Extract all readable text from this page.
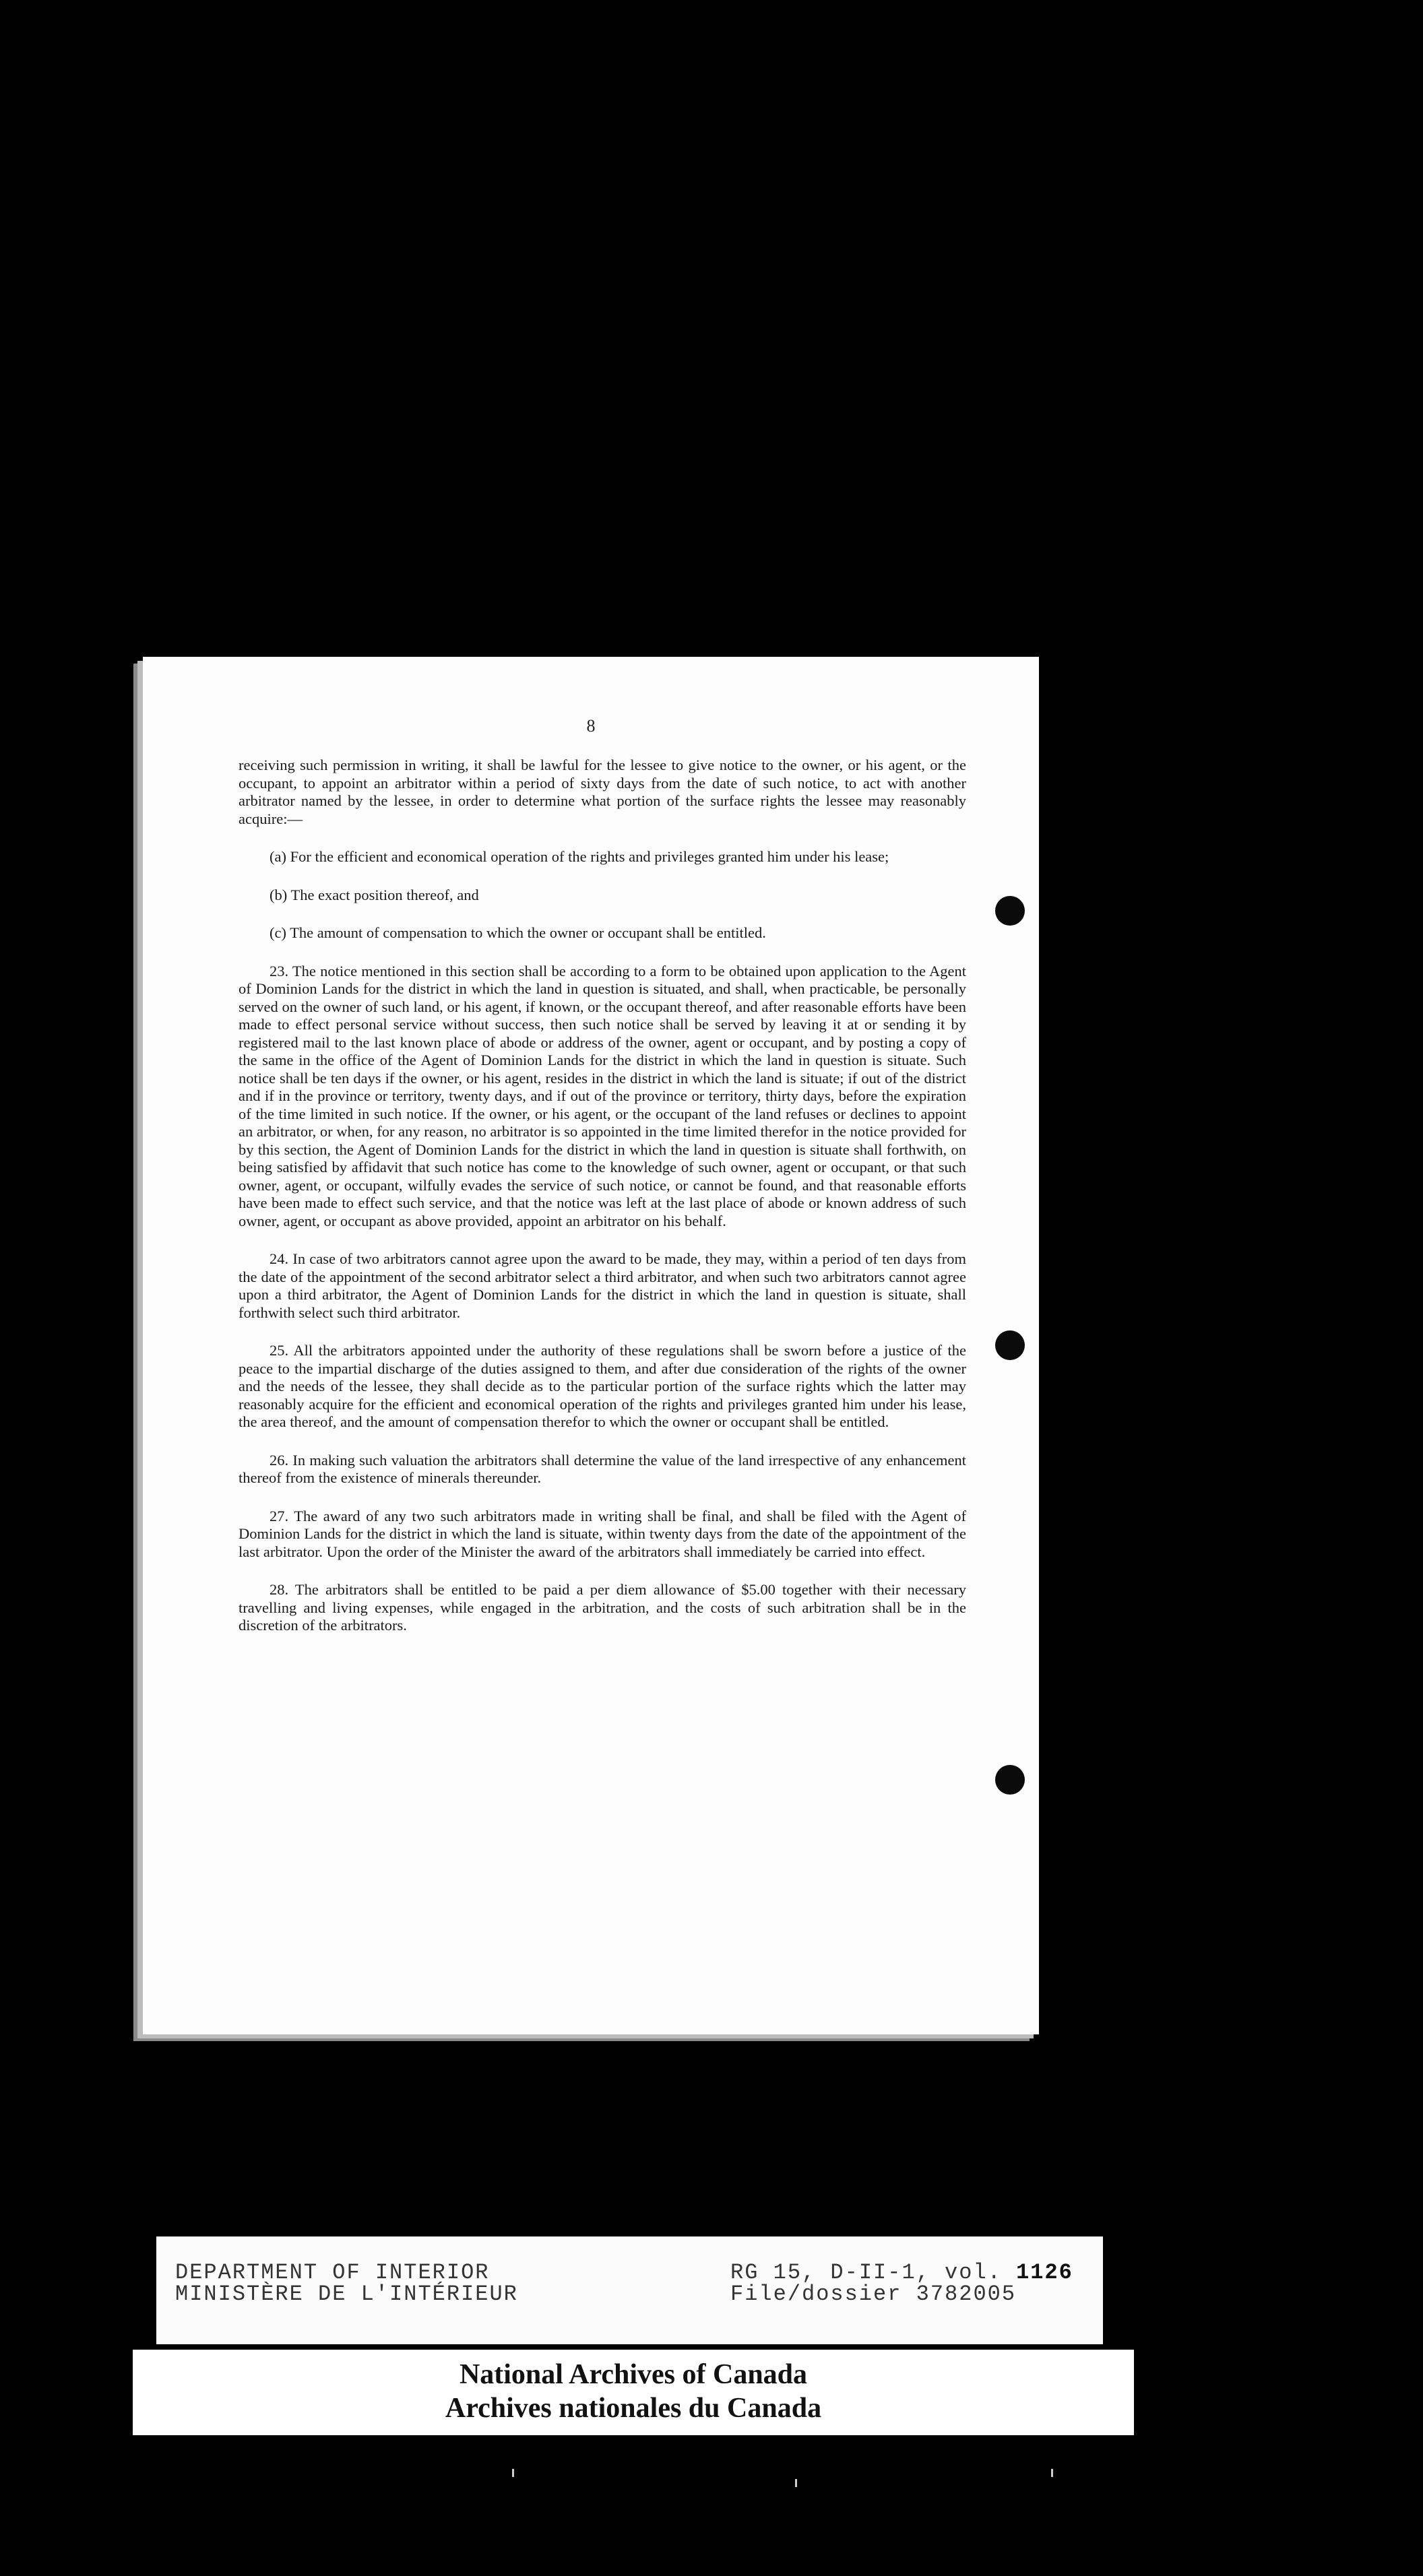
8

receiving such permission in writing, it shall be lawful for the lessee to give notice to the owner, or his agent, or the occupant, to appoint an arbitrator within a period of sixty days from the date of such notice, to act with another arbitrator named by the lessee, in order to determine what portion of the surface rights the lessee may reasonably acquire:—

(a) For the efficient and economical operation of the rights and privileges granted him under his lease;

(b) The exact position thereof, and

(c) The amount of compensation to which the owner or occupant shall be entitled.

23. The notice mentioned in this section shall be according to a form to be obtained upon application to the Agent of Dominion Lands for the district in which the land in question is situated, and shall, when practicable, be personally served on the owner of such land, or his agent, if known, or the occupant thereof, and after reasonable efforts have been made to effect personal service without success, then such notice shall be served by leaving it at or sending it by registered mail to the last known place of abode or address of the owner, agent or occupant, and by posting a copy of the same in the office of the Agent of Dominion Lands for the district in which the land in question is situate. Such notice shall be ten days if the owner, or his agent, resides in the district in which the land is situate; if out of the district and if in the province or territory, twenty days, and if out of the province or territory, thirty days, before the expiration of the time limited in such notice. If the owner, or his agent, or the occupant of the land refuses or declines to appoint an arbitrator, or when, for any reason, no arbitrator is so appointed in the time limited therefor in the notice provided for by this section, the Agent of Dominion Lands for the district in which the land in question is situate shall forthwith, on being satisfied by affidavit that such notice has come to the knowledge of such owner, agent or occupant, or that such owner, agent, or occupant, wilfully evades the service of such notice, or cannot be found, and that reasonable efforts have been made to effect such service, and that the notice was left at the last place of abode or known address of such owner, agent, or occupant as above provided, appoint an arbitrator on his behalf.

24. In case of two arbitrators cannot agree upon the award to be made, they may, within a period of ten days from the date of the appointment of the second arbitrator select a third arbitrator, and when such two arbitrators cannot agree upon a third arbitrator, the Agent of Dominion Lands for the district in which the land in question is situate, shall forthwith select such third arbitrator.

25. All the arbitrators appointed under the authority of these regulations shall be sworn before a justice of the peace to the impartial discharge of the duties assigned to them, and after due consideration of the rights of the owner and the needs of the lessee, they shall decide as to the particular portion of the surface rights which the latter may reasonably acquire for the efficient and economical operation of the rights and privileges granted him under his lease, the area thereof, and the amount of compensation therefor to which the owner or occupant shall be entitled.

26. In making such valuation the arbitrators shall determine the value of the land irrespective of any enhancement thereof from the existence of minerals thereunder.

27. The award of any two such arbitrators made in writing shall be final, and shall be filed with the Agent of Dominion Lands for the district in which the land is situate, within twenty days from the date of the appointment of the last arbitrator. Upon the order of the Minister the award of the arbitrators shall immediately be carried into effect.

28. The arbitrators shall be entitled to be paid a per diem allowance of $5.00 together with their necessary travelling and living expenses, while engaged in the arbitration, and the costs of such arbitration shall be in the discretion of the arbitrators.

DEPARTMENT OF INTERIOR
MINISTÈRE DE L'INTÉRIEUR
RG 15, D-II-1, vol. 1126
File/dossier 3782005
National Archives of Canada
Archives nationales du Canada
